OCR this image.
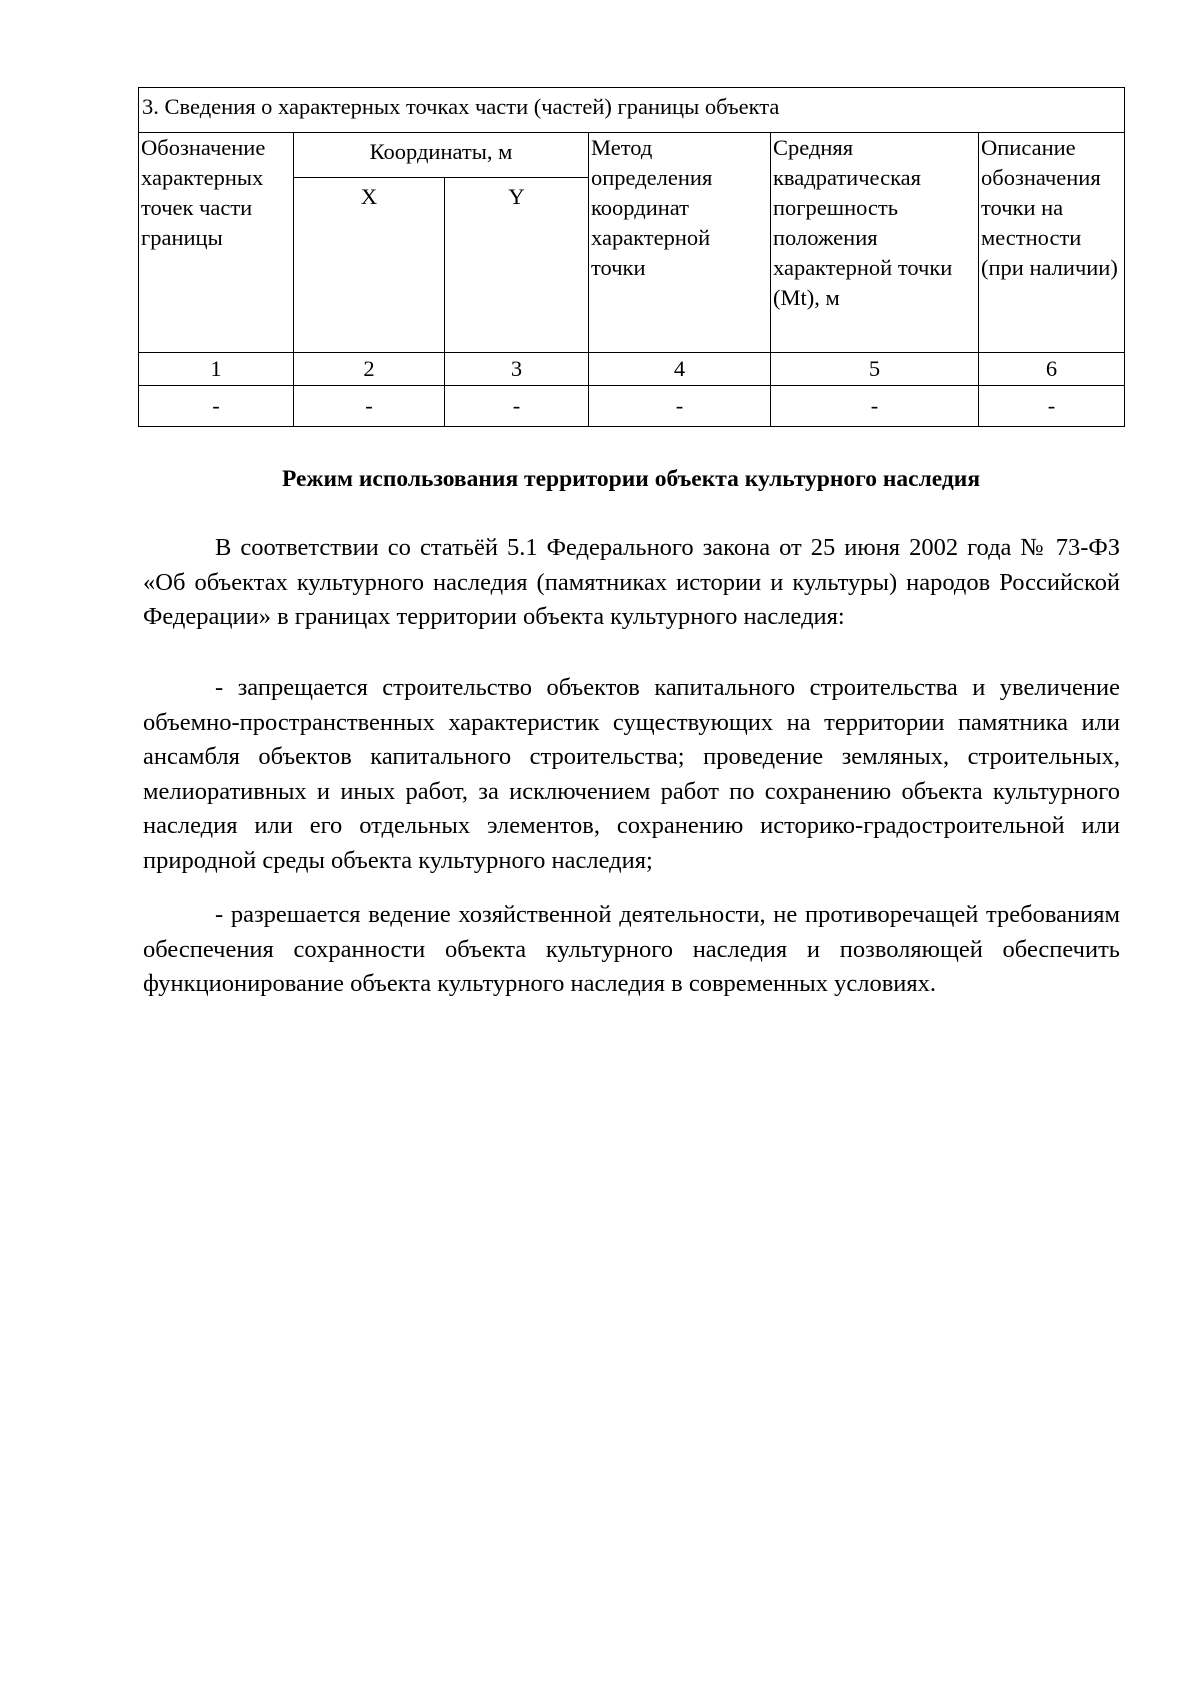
3. Сведения о характерных точках части (частей) границы объекта					
Обозначение характерных точек части границы	Координаты, м		Метод определения координат характерной точки	Средняя квадратическая погрешность положения характерной точки (Mt), м	Описание обозначения точки на местности (при наличии)
	X	Y			
1	2	3	4	5	6
-	-	-	-	-	-
Режим использования территории объекта культурного наследия

В соответствии со статьёй 5.1 Федерального закона от 25 июня 2002 года № 73-ФЗ «Об объектах культурного наследия (памятниках истории и культуры) народов Российской Федерации» в границах территории объекта культурного наследия:

- запрещается строительство объектов капитального строительства и увеличение объемно-пространственных характеристик существующих на территории памятника или ансамбля объектов капитального строительства; проведение земляных, строительных, мелиоративных и иных работ, за исключением работ по сохранению объекта культурного наследия или его отдельных элементов, сохранению историко-градостроительной или природной среды объекта культурного наследия;

- разрешается ведение хозяйственной деятельности, не противоречащей требованиям обеспечения сохранности объекта культурного наследия и позволяющей обеспечить функционирование объекта культурного наследия в современных условиях.
